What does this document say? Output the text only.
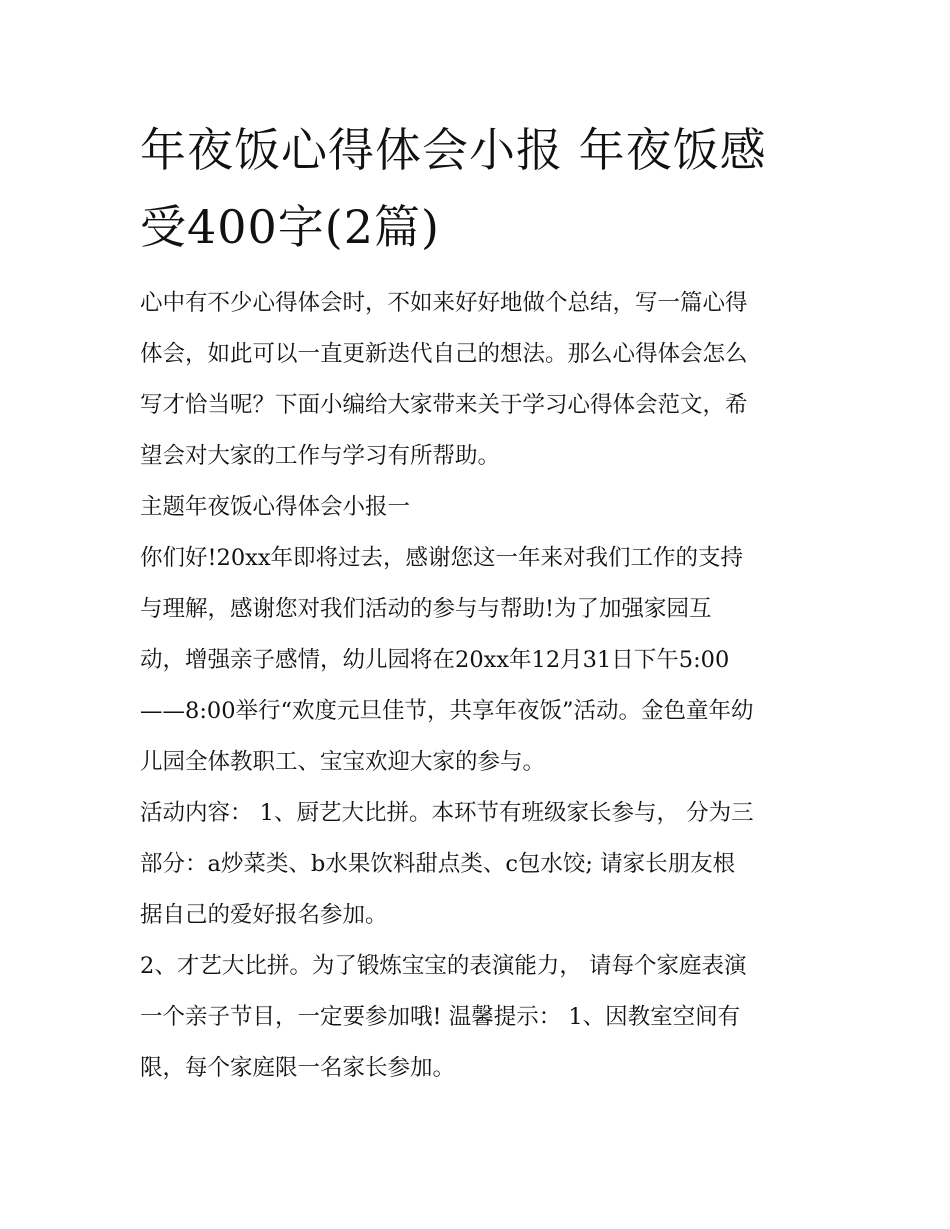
年夜饭心得体会小报 年夜饭感
受400字(2篇)
心中有不少心得体会时，不如来好好地做个总结，写一篇心得
体会，如此可以一直更新迭代自己的想法。那么心得体会怎么
写才恰当呢？下面小编给大家带来关于学习心得体会范文，希
望会对大家的工作与学习有所帮助。
主题年夜饭心得体会小报一
你们好!20xx年即将过去，感谢您这一年来对我们工作的支持
与理解，感谢您对我们活动的参与与帮助!为了加强家园互
动，增强亲子感情，幼儿园将在20xx年12月31日下午5:00
——8:00举行“欢度元旦佳节，共享年夜饭”活动。金色童年幼
儿园全体教职工、宝宝欢迎大家的参与。
活动内容： 1、厨艺大比拼。本环节有班级家长参与， 分为三
部分：a炒菜类、b水果饮料甜点类、c包水饺; 请家长朋友根
据自己的爱好报名参加。
2、才艺大比拼。为了锻炼宝宝的表演能力， 请每个家庭表演
一个亲子节目，一定要参加哦! 温馨提示： 1、因教室空间有
限，每个家庭限一名家长参加。
